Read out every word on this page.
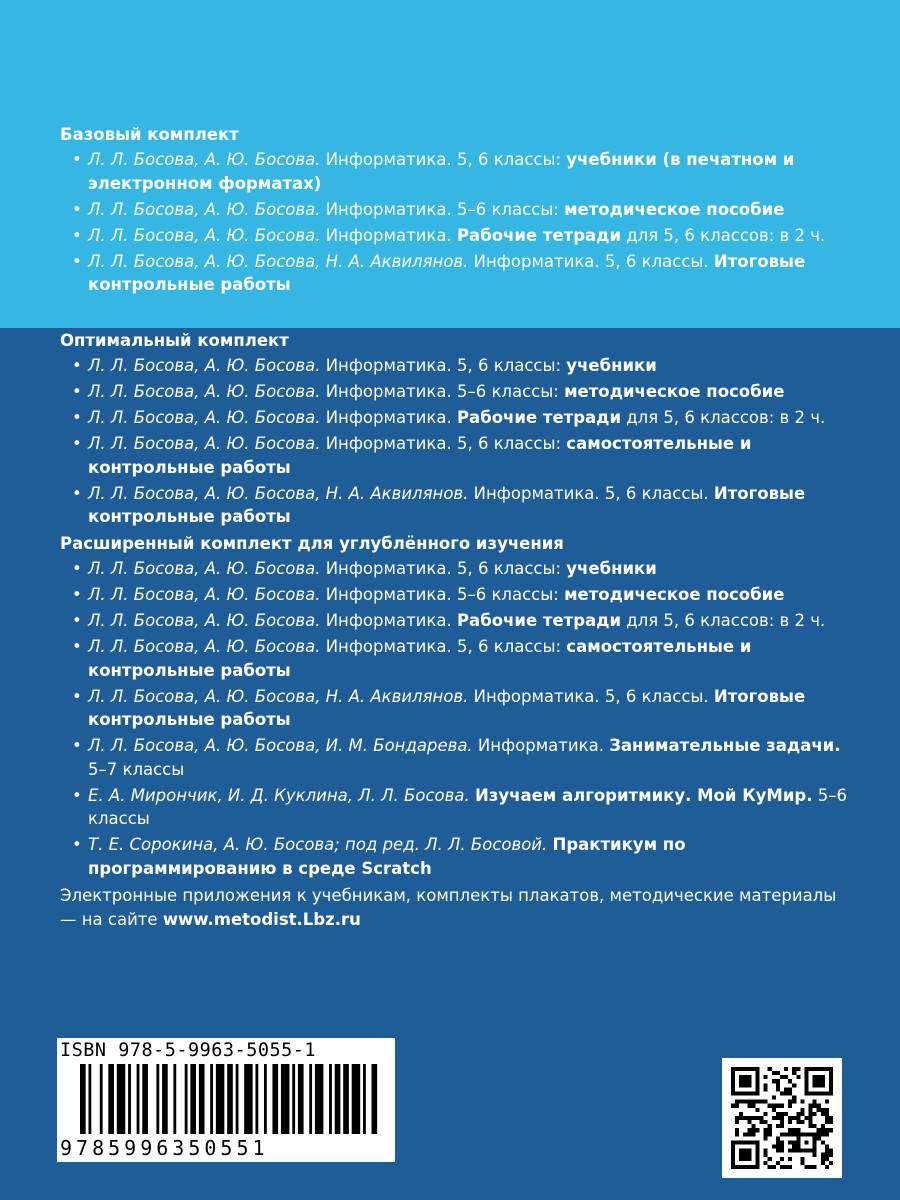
Базовый комплект

• Л. Л. Босова, А. Ю. Босова. Информатика. 5, 6 классы: учебники (в печатном и электронном форматах)
• Л. Л. Босова, А. Ю. Босова. Информатика. 5–6 классы: методическое пособие
• Л. Л. Босова, А. Ю. Босова. Информатика. Рабочие тетради для 5, 6 классов: в 2 ч.
• Л. Л. Босова, А. Ю. Босова, Н. А. Аквилянов. Информатика. 5, 6 классы. Итоговые контрольные работы

Оптимальный комплект

• Л. Л. Босова, А. Ю. Босова. Информатика. 5, 6 классы: учебники
• Л. Л. Босова, А. Ю. Босова. Информатика. 5–6 классы: методическое пособие
• Л. Л. Босова, А. Ю. Босова. Информатика. Рабочие тетради для 5, 6 классов: в 2 ч.
• Л. Л. Босова, А. Ю. Босова. Информатика. 5, 6 классы: самостоятельные и контрольные работы
• Л. Л. Босова, А. Ю. Босова, Н. А. Аквилянов. Информатика. 5, 6 классы. Итоговые контрольные работы

Расширенный комплект для углублённого изучения

• Л. Л. Босова, А. Ю. Босова. Информатика. 5, 6 классы: учебники
• Л. Л. Босова, А. Ю. Босова. Информатика. 5–6 классы: методическое пособие
• Л. Л. Босова, А. Ю. Босова. Информатика. Рабочие тетради для 5, 6 классов: в 2 ч.
• Л. Л. Босова, А. Ю. Босова. Информатика. 5, 6 классы: самостоятельные и контрольные работы
• Л. Л. Босова, А. Ю. Босова, Н. А. Аквилянов. Информатика. 5, 6 классы. Итоговые контрольные работы
• Л. Л. Босова, А. Ю. Босова, И. М. Бондарева. Информатика. Занимательные задачи. 5–7 классы
• Е. А. Мирончик, И. Д. Куклина, Л. Л. Босова. Изучаем алгоритмику. Мой КуМир. 5–6 классы
• Т. Е. Сорокина, А. Ю. Босова; под ред. Л. Л. Босовой. Практикум по программированию в среде Scratch

Электронные приложения к учебникам, комплекты плакатов, методические материалы — на сайте www.metodist.Lbz.ru

ISBN 978-5-9963-5055-1
9785996350551
